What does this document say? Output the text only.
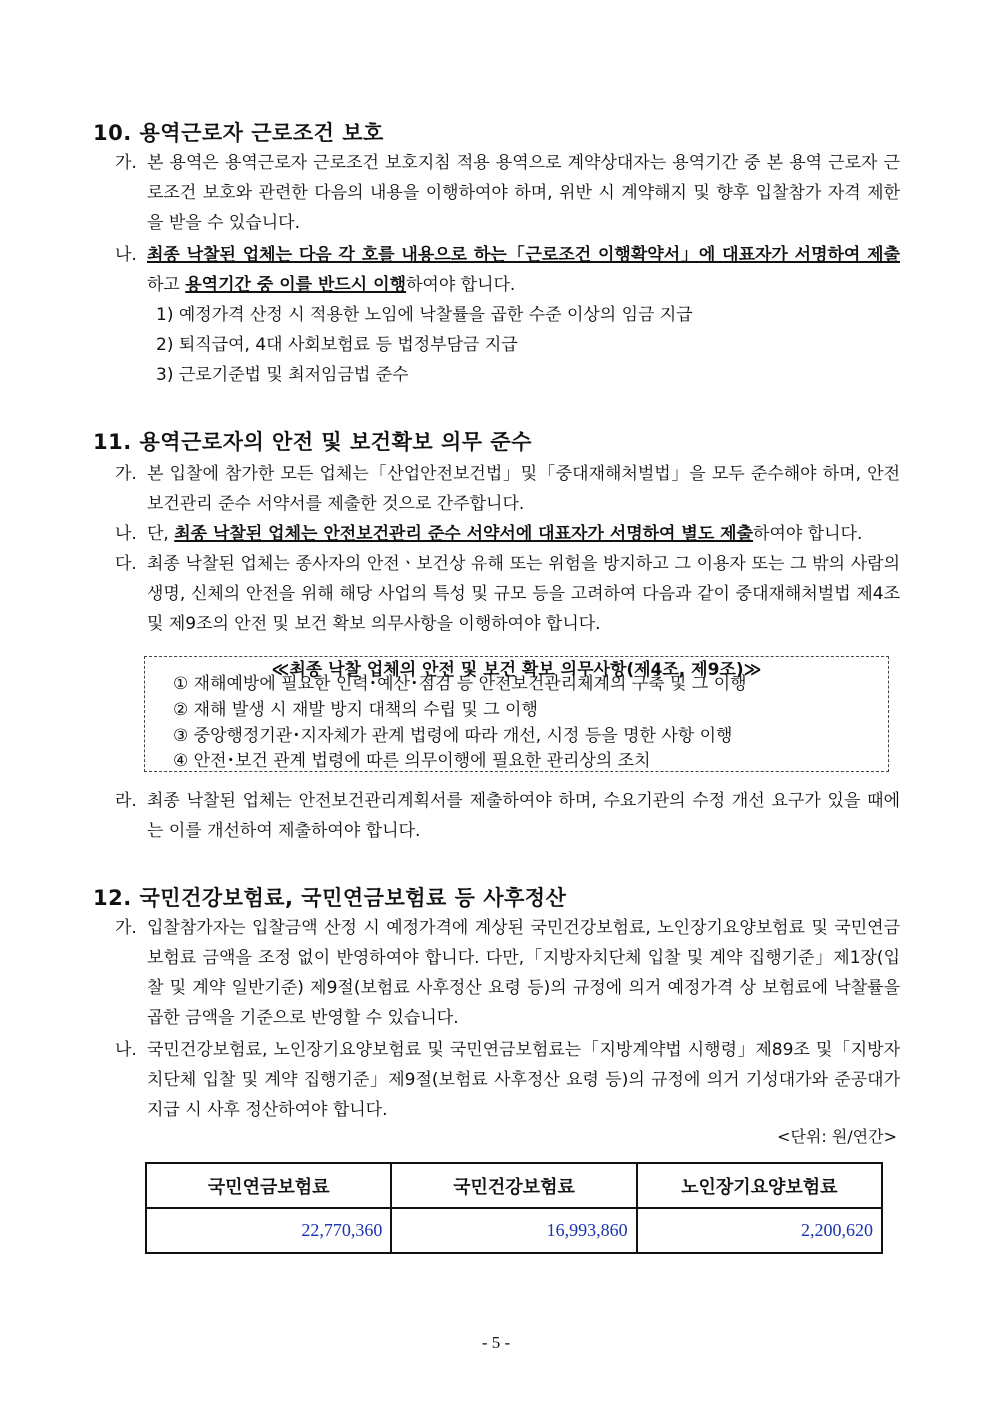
10. 용역근로자 근로조건 보호
가. 본 용역은 용역근로자 근로조건 보호지침 적용 용역으로 계약상대자는 용역기간 중 본 용역 근로자 근로조건 보호와 관련한 다음의 내용을 이행하여야 하며, 위반 시 계약해지 및 향후 입찰참가 자격 제한을 받을 수 있습니다.
나. 최종 낙찰된 업체는 다음 각 호를 내용으로 하는「근로조건 이행확약서」에 대표자가 서명하여 제출하고 용역기간 중 이를 반드시 이행하여야 합니다.
1) 예정가격 산정 시 적용한 노임에 낙찰률을 곱한 수준 이상의 임금 지급
2) 퇴직급여, 4대 사회보험료 등 법정부담금 지급
3) 근로기준법 및 최저임금법 준수
11. 용역근로자의 안전 및 보건확보 의무 준수
가. 본 입찰에 참가한 모든 업체는「산업안전보건법」및「중대재해처벌법」을 모두 준수해야 하며, 안전보건관리 준수 서약서를 제출한 것으로 간주합니다.
나. 단, 최종 낙찰된 업체는 안전보건관리 준수 서약서에 대표자가 서명하여 별도 제출하여야 합니다.
다. 최종 낙찰된 업체는 종사자의 안전ㆍ보건상 유해 또는 위험을 방지하고 그 이용자 또는 그 밖의 사람의 생명, 신체의 안전을 위해 해당 사업의 특성 및 규모 등을 고려하여 다음과 같이 중대재해처벌법 제4조 및 제9조의 안전 및 보건 확보 의무사항을 이행하여야 합니다.
≪최종 낙찰 업체의 안전 및 보건 확보 의무사항(제4조, 제9조)≫
① 재해예방에 필요한 인력･예산･점검 등 안전보건관리체계의 구축 및 그 이행
② 재해 발생 시 재발 방지 대책의 수립 및 그 이행
③ 중앙행정기관･지자체가 관계 법령에 따라 개선, 시정 등을 명한 사항 이행
④ 안전･보건 관계 법령에 따른 의무이행에 필요한 관리상의 조치
라. 최종 낙찰된 업체는 안전보건관리계획서를 제출하여야 하며, 수요기관의 수정 개선 요구가 있을 때에는 이를 개선하여 제출하여야 합니다.
12. 국민건강보험료, 국민연금보험료 등 사후정산
가. 입찰참가자는 입찰금액 산정 시 예정가격에 계상된 국민건강보험료, 노인장기요양보험료 및 국민연금보험료 금액을 조정 없이 반영하여야 합니다. 다만,「지방자치단체 입찰 및 계약 집행기준」제1장(입찰 및 계약 일반기준) 제9절(보험료 사후정산 요령 등)의 규정에 의거 예정가격 상 보험료에 낙찰률을 곱한 금액을 기준으로 반영할 수 있습니다.
나. 국민건강보험료, 노인장기요양보험료 및 국민연금보험료는「지방계약법 시행령」제89조 및「지방자치단체 입찰 및 계약 집행기준」제9절(보험료 사후정산 요령 등)의 규정에 의거 기성대가와 준공대가 지급 시 사후 정산하여야 합니다.
<단위: 원/연간>
국민연금보험료	국민건강보험료	노인장기요양보험료
22,770,360	16,993,860	2,200,620
- 5 -
